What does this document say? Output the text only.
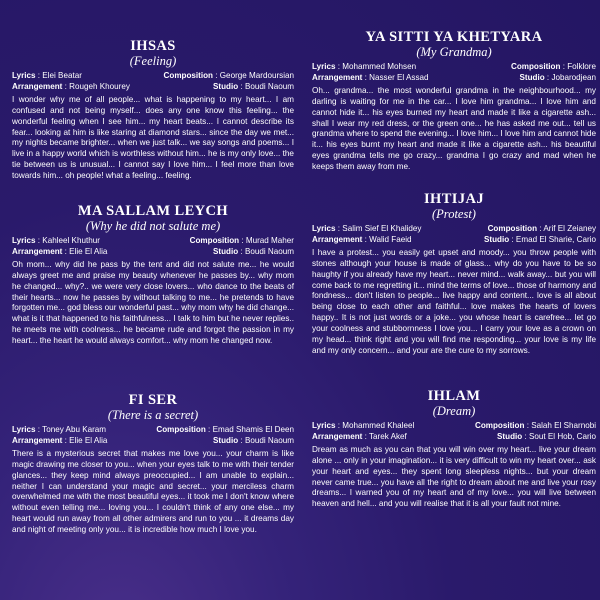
IHSAS
(Feeling)
Lyrics : Elei Beatar	Composition : George Mardoursian
Arrangement : Rougeh Khourey	Studio : Boudi Naoum

I wonder why me of all people... what is happening to my heart... I am confused and not being myself... does any one know this feeling... the wonderful feeling when I see him... my heart beats... I cannot describe its fear... looking at him is like staring at diamond stars... since the day we met... my nights became brighter... when we just talk... we say songs and poems... I live in a happy world which is worthless without him... he is my only love... the tie between us is unusual... I cannot say I love him... I feel more than love towards him... oh people! what a feeling... feeling.

MA SALLAM LEYCH
(Why he did not salute me)
Lyrics : Kahleel Khuthur	Composition : Murad Maher
Arrangement : Elie El Alia	Studio : Boudi Naoum

Oh mom... why did he pass by the tent and did not salute me... he would always greet me and praise my beauty whenever he passes by... why mom he changed... why?.. we were very close lovers... who dance to the beats of their hearts... now he passes by without talking to me... he pretends to have forgotten me... god bless our wonderful past... why mom why he did change... what is it that happened to his faithfulness... I talk to him but he never replies.. he meets me with coolness... he became rude and forgot the passion in my heart... the heart he would always comfort... why mom he changed now.

FI SER
(There is a secret)
Lyrics : Toney Abu Karam	Composition : Emad Shamis El Deen
Arrangement : Elie El Alia	Studio : Boudi Naoum

There is a mysterious secret that makes me love you... your charm is like magic drawing me closer to you... when your eyes talk to me with their tender glances... they keep mind always preoccupied... I am unable to explain... neither I can understand your magic and secret... your merciless charm overwhelmed me with the most beautiful eyes... it took me I don't know where without even telling me... loving you... I couldn't think of any one else... my heart would run away from all other admirers and run to you ... it dreams day and night of meeting only you... it is incredible how much I love you.

YA SITTI YA KHETYARA
(My Grandma)
Lyrics : Mohammed Mohsen	Composition : Folklore
Arrangement : Nasser El Assad	Studio : Jobarodjean

Oh... grandma... the most wonderful grandma in the neighbourhood... my darling is waiting for me in the car... I love him grandma... I love him and cannot hide it... his eyes burned my heart and made it like a cigarette ash... shall I wear my red dress, or the green one... he has asked me out... tell us grandma where to spend the evening... I love him... I love him and cannot hide it... his eyes burnt my heart and made it like a cigarette ash... his beautiful eyes grandma tells me go crazy... grandma I go crazy and mad when he keeps them away from me.

IHTIJAJ
(Protest)
Lyrics : Salim Sief El Khalidey	Composition : Arif El Zeianey
Arrangement : Walid Faeid	Studio : Emad El Sharie, Cario

I have a protest... you easily get upset and moody... you throw people with stones although your house is made of glass... why do you have to be so haughty if you already have my heart... never mind... walk away... but you will come back to me regretting it... mind the terms of love... those of harmony and fondness... don't listen to people... live happy and content... love is all about being close to each other and faithful... love makes the hearts of lovers happy.. It is not just words or a joke... you whose heart is carefree... let go your coolness and stubbornness I love you... I carry your love as a crown on my head... think right and you will find me responding... your love is my life and my only concern... and your are the cure to my sorrows.

IHLAM
(Dream)
Lyrics : Mohammed Khaleel	Composition : Salah El Sharnobi
Arrangement : Tarek Akef	Studio : Sout El Hob, Cario

Dream as much as you can that you will win over my heart... live your dream alone ... only in your imagination... it is very difficult to win my heart over... ask your heart and eyes... they spent long sleepless nights... but your dream never came true... you have all the right to dream about me and live your rosy dreams... I warned you of my heart and of my love... you will live between heaven and hell... and you will realise that it is all your fault not mine.
